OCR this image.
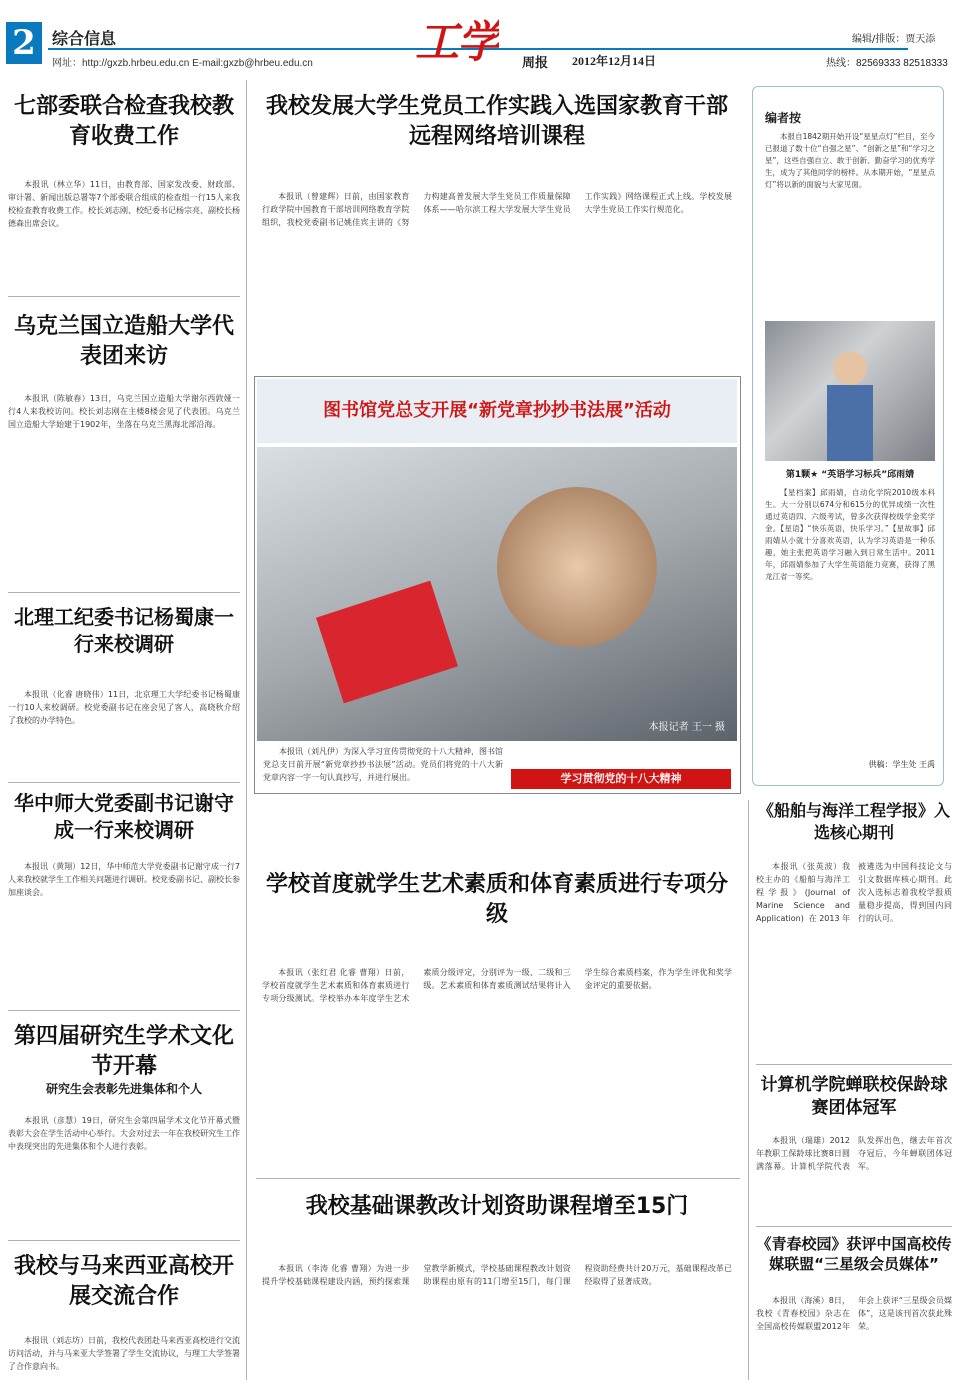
2	综合信息
网址：http://gxzb.hrbeu.edu.cn E-mail:gxzb@hrbeu.edu.cn 工学 周报 2012年12月14日
编辑/排版：贾天添
热线：82569333 82518333
七部委联合检查我校教育收费工作
本报讯（林立华）11日，由教育部、国家发改委、财政部、审计署、新闻出版总署等7个部委联合组成的检查组一行15人来我校检查教育收费工作。校长刘志刚、校纪委书记杨宗亮、副校长杨德森出席会议。
乌克兰国立造船大学代表团来访
本报讯（陈敏春）13日，乌克兰国立造船大学谢尔西敦娅一行4人来我校访问。校长刘志刚在主楼8楼会见了代表团。乌克兰国立造船大学始建于1902年，坐落在乌克兰黑海北部沿海。
北理工纪委书记杨蜀康一行来校调研
本报讯（化睿 唐晓伟）11日，北京理工大学纪委书记杨蜀康一行10人来校调研。校党委副书记在座会见了客人，高晓秋介绍了我校的办学特色。
华中师大党委副书记谢守成一行来校调研
本报讯（黄翔）12日，华中师范大学党委副书记谢守成一行7人来我校就学生工作相关问题进行调研。校党委副书记、副校长参加座谈会。
第四届研究生学术文化节开幕
研究生会表彰先进集体和个人
本报讯（彦慧）19日，研究生会第四届学术文化节开幕式暨表彰大会在学生活动中心举行。大会对过去一年在我校研究生工作中表现突出的先进集体和个人进行表彰。
我校与马来西亚高校开展交流合作
本报讯（刘志坊）日前，我校代表团赴马来西亚高校进行交流访问活动，并与马来亚大学签署了学生交流协议，与理工大学签署了合作意向书。
我校发展大学生党员工作实践入选国家教育干部远程网络培训课程
本报讯（曾建辉）日前，由国家教育行政学院中国教育干部培训网络教育学院组织，我校党委副书记姚佳宾主讲的《努力构建高普发展大学生党员工作质量保障体系——哈尔滨工程大学发展大学生党员工作实践》网络课程正式上线。学校发展大学生党员工作实行规范化。
图书馆党总支开展“新党章抄抄书法展”活动
本报记者 王一 摄
本报讯（刘凡伊）为深入学习宣传贯彻党的十八大精神，图书馆党总支日前开展“新党章抄抄书法展”活动。党员们将党的十八大新党章内容一字一句认真抄写，并进行展出。	学习贯彻党的十八大精神
学校首度就学生艺术素质和体育素质进行专项分级
本报讯（张红君 化睿 曹翔）日前，学校首度就学生艺术素质和体育素质进行专项分级测试。学校举办本年度学生艺术素质分级评定，分别评为一级、二级和三级。艺术素质和体育素质测试结果将计入学生综合素质档案，作为学生评优和奖学金评定的重要依据。
我校基础课教改计划资助课程增至15门
本报讯（李涛 化睿 曹翔）为进一步提升学校基础课程建设内涵，预约探索课堂教学新模式，学校基础课程教改计划资助课程由原有的11门增至15门，每门课程资助经费共计20万元，基础课程改革已经取得了显著成效。
编者按
本报自1842期开始开设“星星点灯”栏目，至今已报道了数十位“自强之星”、“创新之星”和“学习之星”，这些自强自立、敢于创新、勤奋学习的优秀学生，成为了其他同学的榜样。从本期开始，“星星点灯”将以新的面貌与大家见面。
第1颗★ “英语学习标兵”邱雨婧
【星档案】邱雨婧，自动化学院2010级本科生。大一分别以674分和615分的优异成绩一次性通过英语四、六级考试，曾多次获得校级学金奖学金。【星语】“快乐英语，快乐学习。”【星故事】邱雨婧从小就十分喜欢英语，认为学习英语是一种乐趣，她主张把英语学习融入到日常生活中。2011年，邱雨婧参加了大学生英语能力竞赛，获得了黑龙江省一等奖。
供稿：学生处 王禹
《船舶与海洋工程学报》入选核心期刊
本报讯（张英波）我校主办的《船舶与海洋工程学报》(Journal of Marine Science and Application) 在2013年被遴选为中国科技论文与引文数据库核心期刊。此次入选标志着我校学报质量稳步提高，得到国内同行的认可。
计算机学院蝉联校保龄球赛团体冠军
本报讯（瑞雄）2012年教职工保龄球比赛8日圆满落幕。计算机学院代表队发挥出色，继去年首次夺冠后，今年蝉联团体冠军。
《青春校园》获评中国高校传媒联盟“三星级会员媒体”
本报讯（海溪）8日，我校《青春校园》杂志在全国高校传媒联盟2012年年会上获评“三星级会员媒体”，这是该刊首次获此殊荣。
